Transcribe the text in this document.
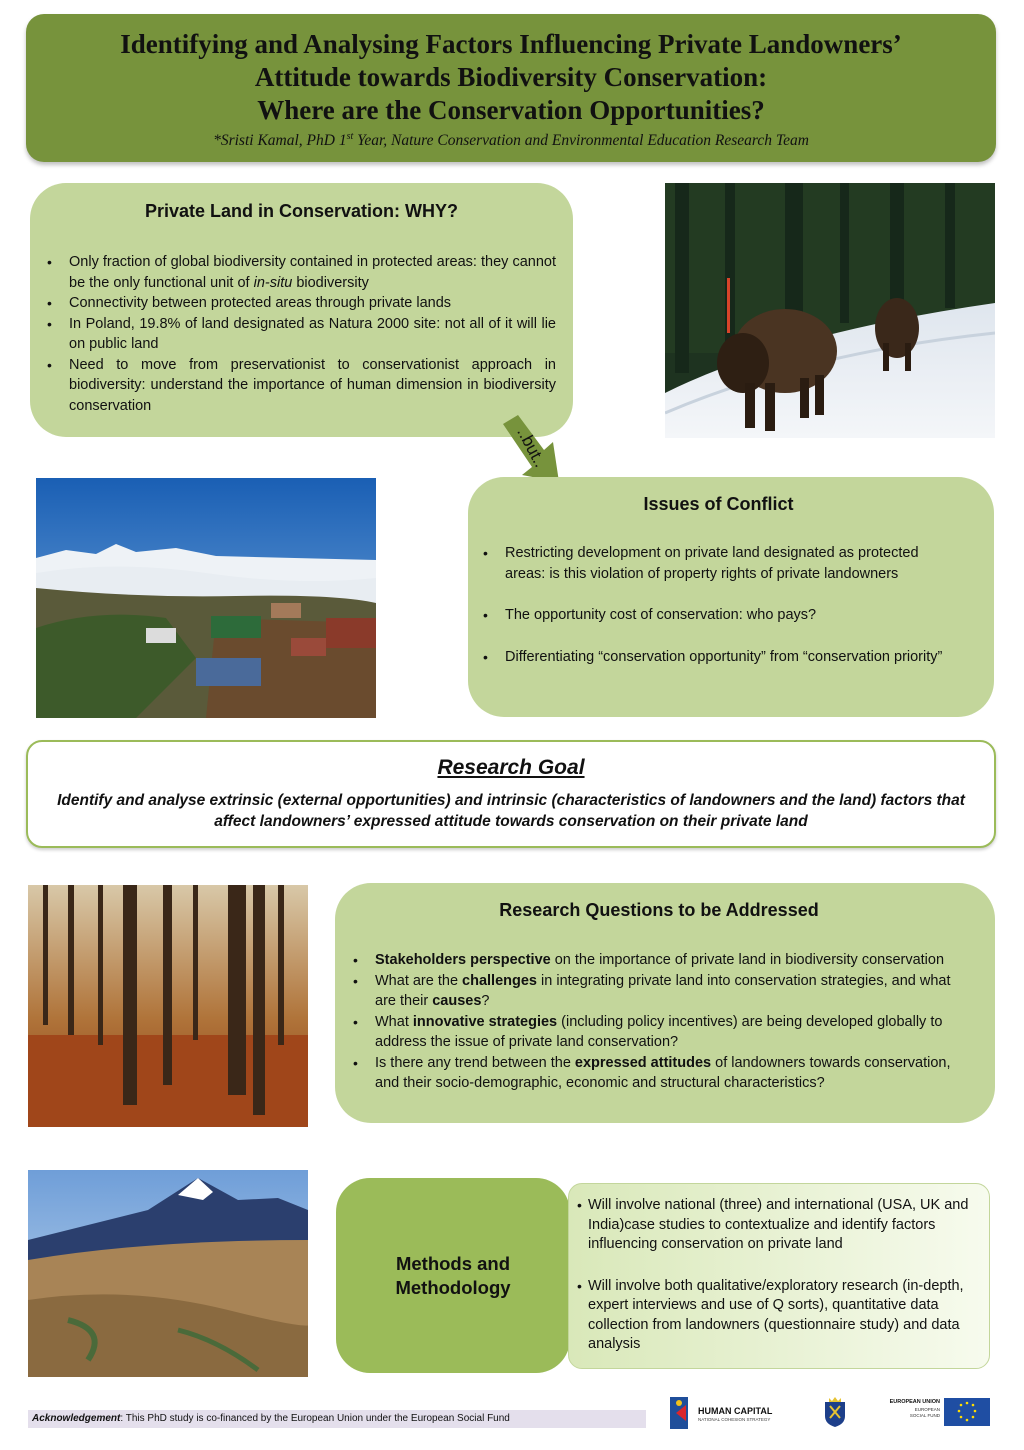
Identifying and Analysing Factors Influencing Private Landowners’
Attitude towards Biodiversity Conservation:
Where are the Conservation Opportunities?
*Sristi Kamal, PhD 1st Year, Nature Conservation and Environmental Education Research Team
Private Land in Conservation: WHY?
• Only fraction of global biodiversity contained in protected areas: they cannot be the only functional unit of in-situ biodiversity
• Connectivity between protected areas through private lands
• In Poland, 19.8% of land designated as Natura 2000 site: not all of it will lie on public land
• Need to move from preservationist to conservationist approach in biodiversity: understand the importance of human dimension in biodiversity conservation
..but..
Issues of Conflict
• Restricting development on private land designated as protected areas: is this violation of property rights of private landowners
• The opportunity cost of conservation: who pays?
• Differentiating “conservation opportunity” from “conservation priority”
Research Goal
Identify and analyse extrinsic (external opportunities) and intrinsic (characteristics of landowners and the land) factors that affect landowners’ expressed attitude towards conservation on their private land
Research Questions to be Addressed
• Stakeholders perspective on the importance of private land in biodiversity conservation
• What are the challenges in integrating private land into conservation strategies, and what are their causes?
• What innovative strategies (including policy incentives) are being developed globally to address the issue of private land conservation?
• Is there any trend between the expressed attitudes of landowners towards conservation, and their socio-demographic, economic and structural characteristics?
Methods and Methodology
• Will involve national (three) and international (USA, UK and India)case studies to contextualize and identify factors influencing conservation on private land
• Will involve both qualitative/exploratory research (in-depth, expert interviews and use of Q sorts), quantitative data collection from landowners (questionnaire study) and data analysis
Acknowledgement: This PhD study is co-financed by the European Union under the European Social Fund
HUMAN CAPITAL
NATIONAL COHESION STRATEGY
EUROPEAN UNION
EUROPEAN
SOCIAL FUND
